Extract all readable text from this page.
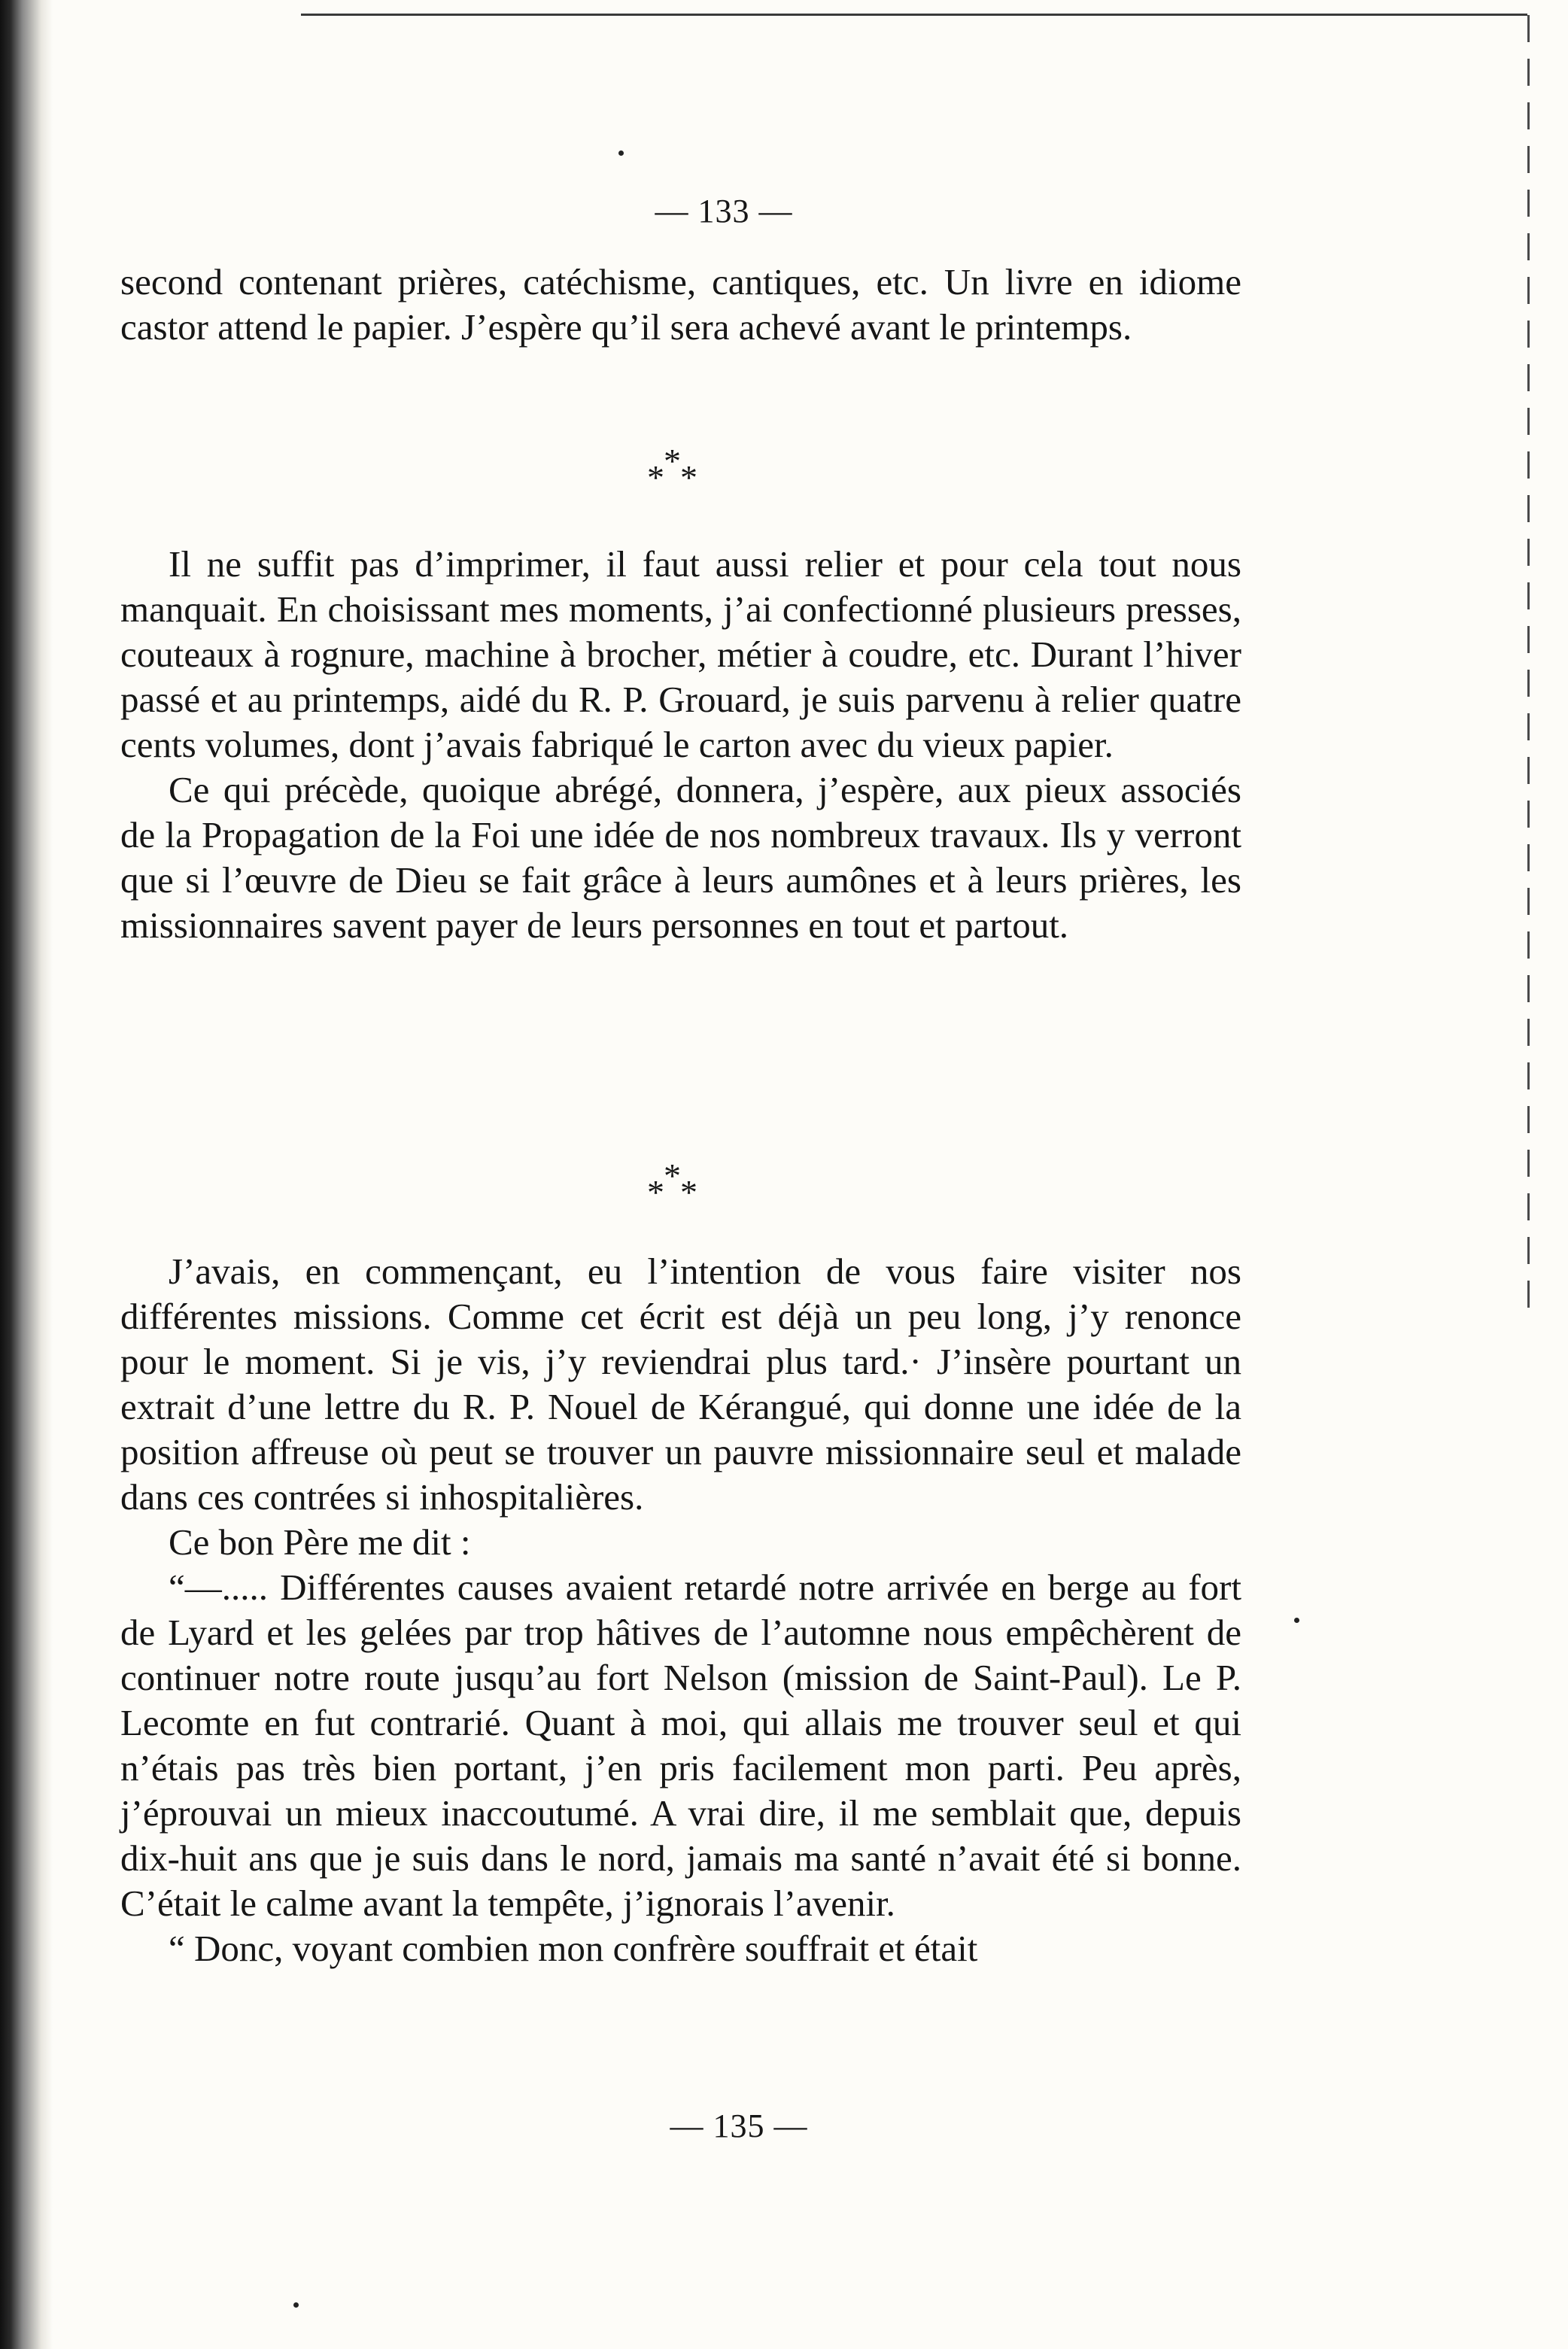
— 133 —

second contenant prières, catéchisme, cantiques, etc. Un livre en idiome castor attend le papier. J’espère qu’il sera achevé avant le printemps.

* * *

Il ne suffit pas d’imprimer, il faut aussi relier et pour cela tout nous manquait. En choisissant mes moments, j’ai confectionné plusieurs presses, couteaux à rognure, machine à brocher, métier à coudre, etc. Durant l’hiver passé et au printemps, aidé du R. P. Grouard, je suis parvenu à relier quatre cents volumes, dont j’avais fabriqué le carton avec du vieux papier.

Ce qui précède, quoique abrégé, donnera, j’espère, aux pieux associés de la Propagation de la Foi une idée de nos nombreux travaux. Ils y verront que si l’œuvre de Dieu se fait grâce à leurs aumônes et à leurs prières, les missionnaires savent payer de leurs personnes en tout et partout.

* * *

J’avais, en commençant, eu l’intention de vous faire visiter nos différentes missions. Comme cet écrit est déjà un peu long, j’y renonce pour le moment. Si je vis, j’y reviendrai plus tard.· J’insère pourtant un extrait d’une lettre du R. P. Nouel de Kérangué, qui donne une idée de la position affreuse où peut se trouver un pauvre missionnaire seul et malade dans ces contrées si inhospitalières.

Ce bon Père me dit :

“—..... Différentes causes avaient retardé notre arrivée en berge au fort de Lyard et les gelées par trop hâtives de l’automne nous empêchèrent de continuer notre route jusqu’au fort Nelson (mission de Saint-Paul). Le P. Lecomte en fut contrarié. Quant à moi, qui allais me trouver seul et qui n’étais pas très bien portant, j’en pris facilement mon parti. Peu après, j’éprouvai un mieux inaccoutumé. A vrai dire, il me semblait que, depuis dix-huit ans que je suis dans le nord, jamais ma santé n’avait été si bonne. C’était le calme avant la tempête, j’ignorais l’avenir.

“ Donc, voyant combien mon confrère souffrait et était

— 135 —
